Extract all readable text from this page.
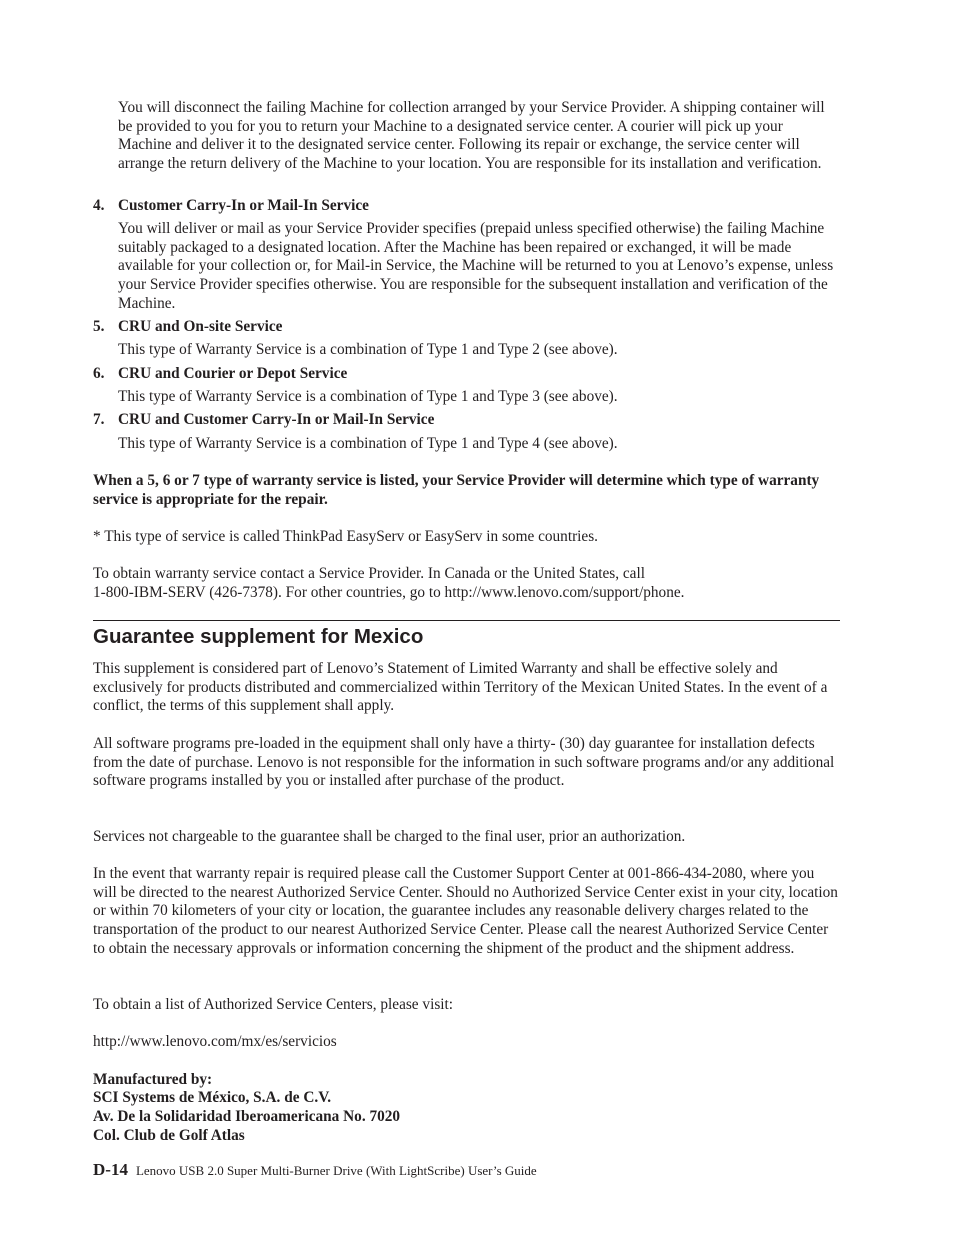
You will disconnect the failing Machine for collection arranged by your Service Provider. A shipping container will be provided to you for you to return your Machine to a designated service center. A courier will pick up your Machine and deliver it to the designated service center. Following its repair or exchange, the service center will arrange the return delivery of the Machine to your location. You are responsible for its installation and verification.

4. Customer Carry-In or Mail-In Service

You will deliver or mail as your Service Provider specifies (prepaid unless specified otherwise) the failing Machine suitably packaged to a designated location. After the Machine has been repaired or exchanged, it will be made available for your collection or, for Mail-in Service, the Machine will be returned to you at Lenovo’s expense, unless your Service Provider specifies otherwise. You are responsible for the subsequent installation and verification of the Machine.

5. CRU and On-site Service

This type of Warranty Service is a combination of Type 1 and Type 2 (see above).

6. CRU and Courier or Depot Service

This type of Warranty Service is a combination of Type 1 and Type 3 (see above).

7. CRU and Customer Carry-In or Mail-In Service

This type of Warranty Service is a combination of Type 1 and Type 4 (see above).

When a 5, 6 or 7 type of warranty service is listed, your Service Provider will determine which type of warranty service is appropriate for the repair.

* This type of service is called ThinkPad EasyServ or EasyServ in some countries.

To obtain warranty service contact a Service Provider. In Canada or the United States, call

1-800-IBM-SERV (426-7378). For other countries, go to http://www.lenovo.com/support/phone.

Guarantee supplement for Mexico

This supplement is considered part of Lenovo’s Statement of Limited Warranty and shall be effective solely and exclusively for products distributed and commercialized within Territory of the Mexican United States. In the event of a conflict, the terms of this supplement shall apply.

All software programs pre-loaded in the equipment shall only have a thirty- (30) day guarantee for installation defects from the date of purchase. Lenovo is not responsible for the information in such software programs and/or any additional software programs installed by you or installed after purchase of the product.

Services not chargeable to the guarantee shall be charged to the final user, prior an authorization.

In the event that warranty repair is required please call the Customer Support Center at 001-866-434-2080, where you will be directed to the nearest Authorized Service Center. Should no Authorized Service Center exist in your city, location or within 70 kilometers of your city or location, the guarantee includes any reasonable delivery charges related to the transportation of the product to our nearest Authorized Service Center. Please call the nearest Authorized Service Center to obtain the necessary approvals or information concerning the shipment of the product and the shipment address.

To obtain a list of Authorized Service Centers, please visit:

http://www.lenovo.com/mx/es/servicios

Manufactured by:

SCI Systems de México, S.A. de C.V.

Av. De la Solidaridad Iberoamericana No. 7020

Col. Club de Golf Atlas

D-14 Lenovo USB 2.0 Super Multi-Burner Drive (With LightScribe) User’s Guide
